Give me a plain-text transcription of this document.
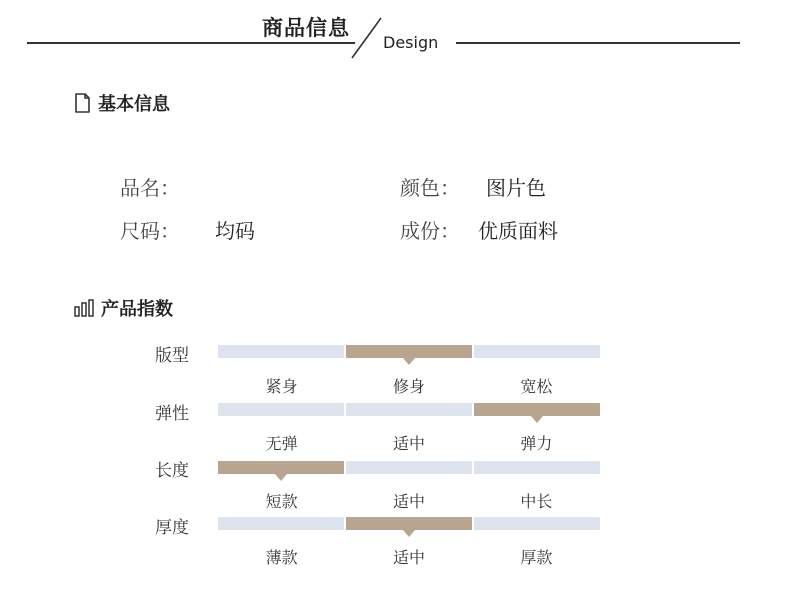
商品信息
Design
基本信息
品名：	颜色： 图片色
尺码： 均码	成份： 优质面料
产品指数
版型
紧身	修身	宽松
弹性
无弹	适中	弹力
长度
短款	适中	中长
厚度
薄款	适中	厚款
